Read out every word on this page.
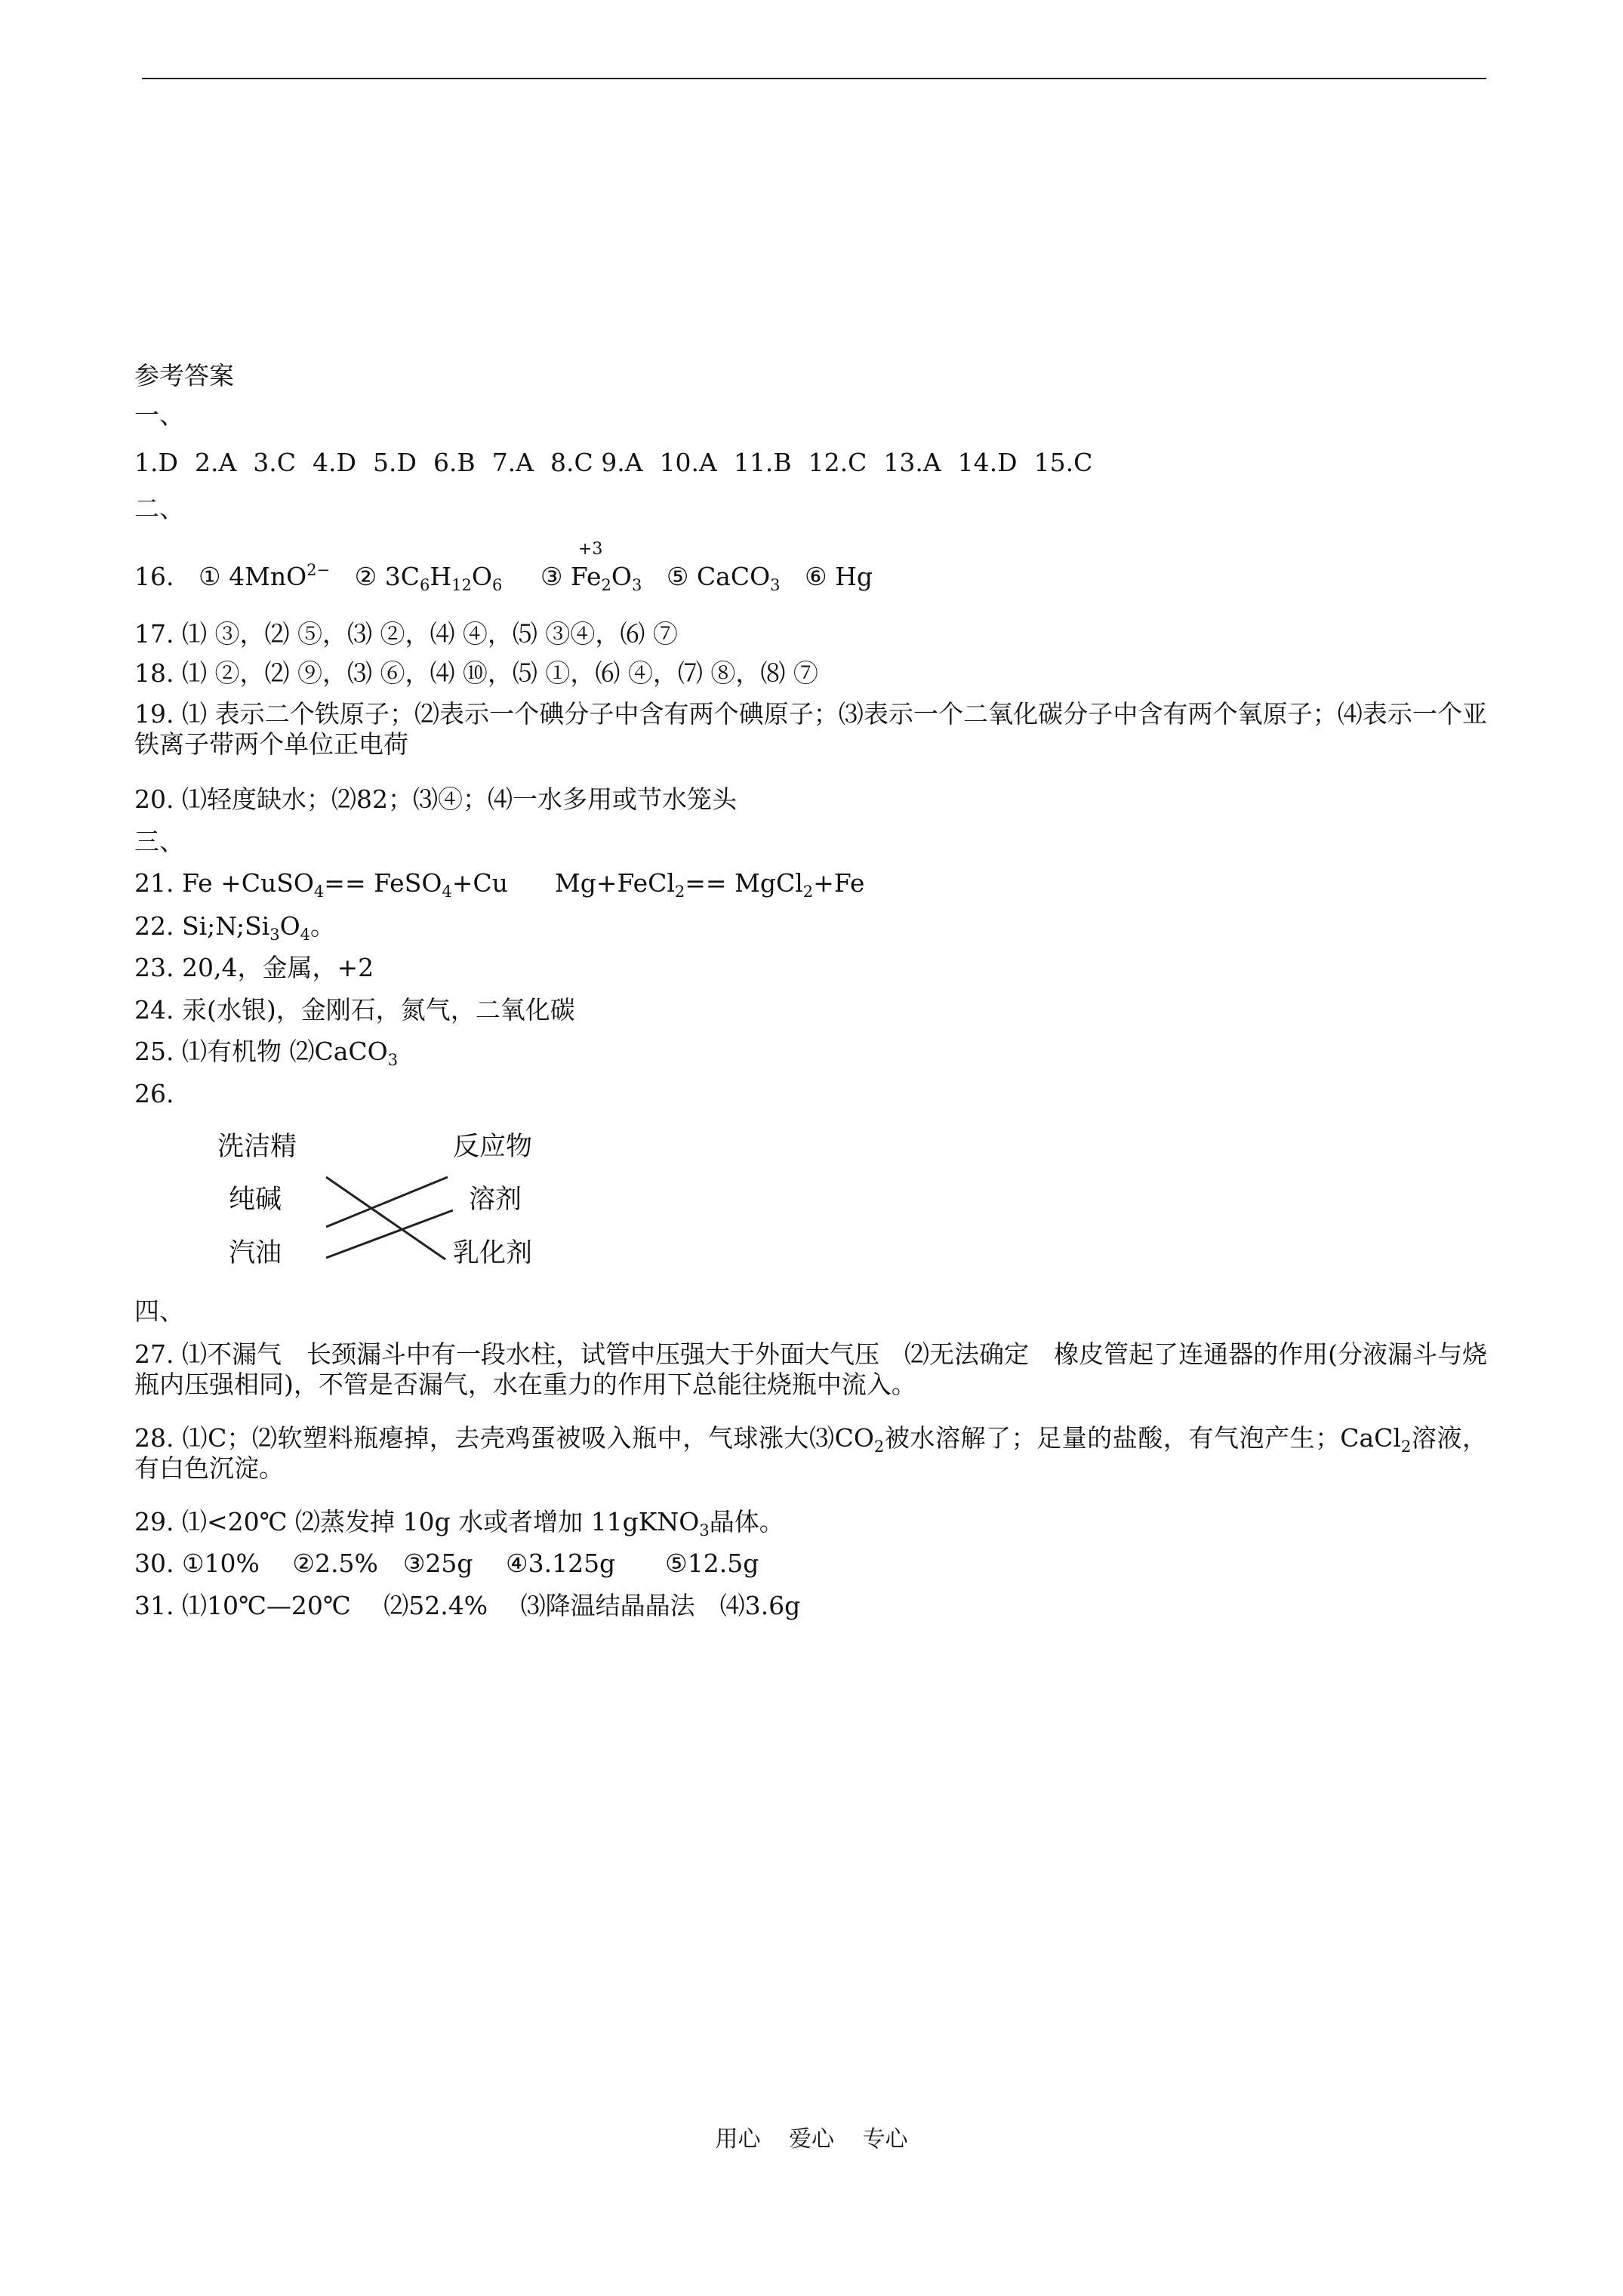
参考答案
一、
1.D 2.A 3.C 4.D 5.D 6.B 7.A 8.C 9.A 10.A 11.B 12.C 13.A 14.D 15.C
二、
16. ① 4MnO$^{2-}$ ② $3C_6H_{12}O_6$ ③
+3
$Fe_2O_3$ ⑤ CaCO$_3$ ⑥ Hg
17. ⑴ ③，⑵ ⑤，⑶ ②，⑷ ④，⑸ ③④，⑹ ⑦
18. ⑴ ②，⑵ ⑨，⑶ ⑥，⑷ ⑩，⑸ ①，⑹ ④，⑺ ⑧，⑻ ⑦
19. ⑴ 表示二个铁原子；⑵表示一个碘分子中含有两个碘原子；⑶表示一个二氧化碳分子中含有两个氧原子；⑷表示一个亚铁离子带两个单位正电荷
20. ⑴轻度缺水；⑵82；⑶④；⑷一水多用或节水笼头
三、
21. Fe +CuSO$_4$== FeSO$_4$+Cu Mg+FeCl$_2$== MgCl$_2$+Fe
22. $Si;N;Si_3O_4$。
23. 20,4，金属，+2
24. 汞(水银)，金刚石，氮气，二氧化碳
25. ⑴有机物 ⑵CaCO$_3$
26.
洗洁精
纯碱
汽油
反应物
溶剂
乳化剂
四、
27. ⑴不漏气　长颈漏斗中有一段水柱，试管中压强大于外面大气压　⑵无法确定　橡皮管起了连通器的作用(分液漏斗与烧瓶内压强相同)，不管是否漏气，水在重力的作用下总能往烧瓶中流入。
28. ⑴C；⑵软塑料瓶瘪掉，去壳鸡蛋被吸入瓶中，气球涨大$⑶CO_2$被水溶解了；足量的盐酸，有气泡产生；CaCl$_2$溶液，有白色沉淀。
29. ⑴<20℃ ⑵蒸发掉 10g 水或者增加 11gKNO$_3$晶体。
30. ①10%　 ②2.5%　③25g　 ④3.125g　　⑤12.5g
31. ⑴10℃—20℃　 ⑵52.4%　 ⑶降温结晶晶法　⑷3.6g
用心 爱心 专心
